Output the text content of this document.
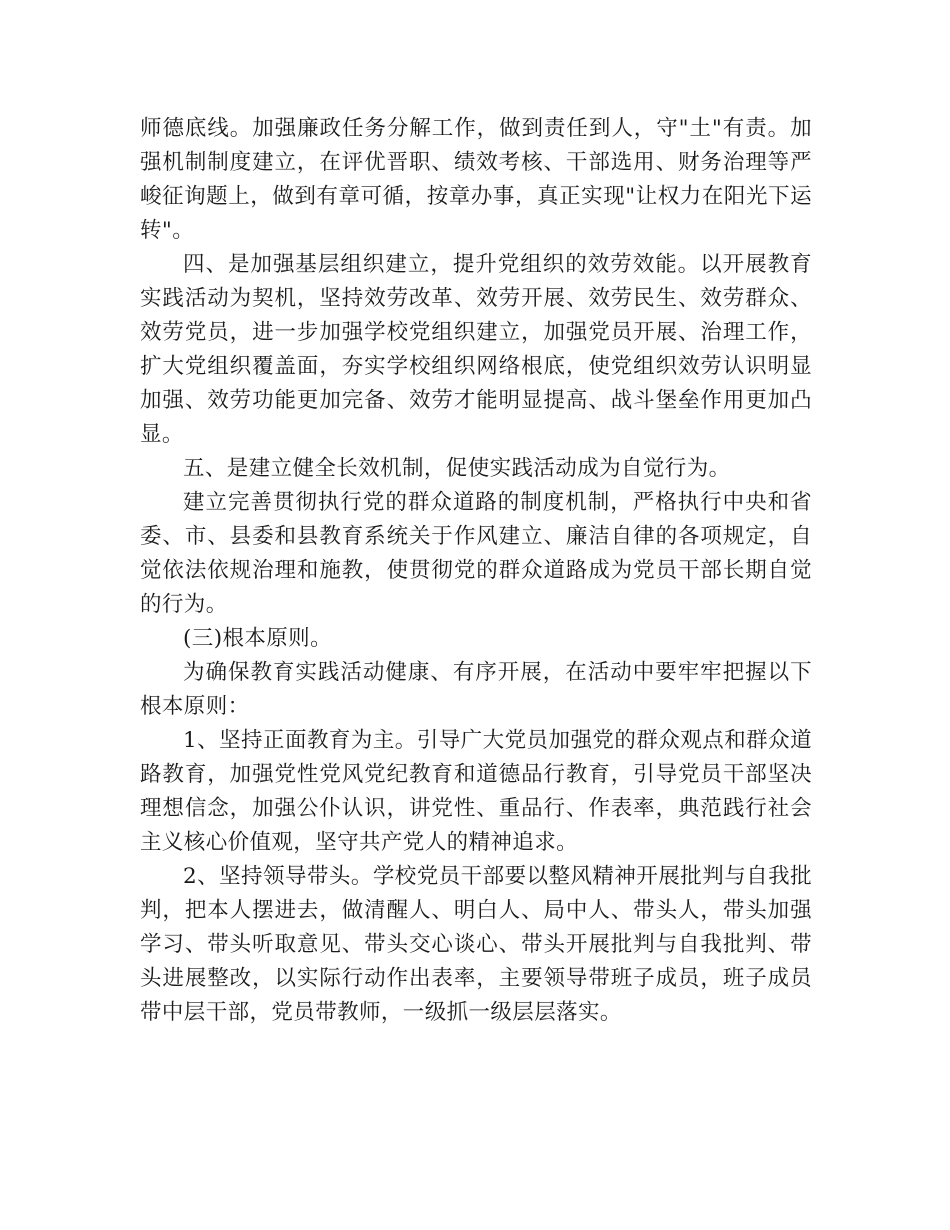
师德底线。加强廉政任务分解工作，做到责任到人，守"土"有责。加强机制制度建立，在评优晋职、绩效考核、干部选用、财务治理等严峻征询题上，做到有章可循，按章办事，真正实现"让权力在阳光下运转"。

四、是加强基层组织建立，提升党组织的效劳效能。以开展教育实践活动为契机，坚持效劳改革、效劳开展、效劳民生、效劳群众、效劳党员，进一步加强学校党组织建立，加强党员开展、治理工作，扩大党组织覆盖面，夯实学校组织网络根底，使党组织效劳认识明显加强、效劳功能更加完备、效劳才能明显提高、战斗堡垒作用更加凸显。

五、是建立健全长效机制，促使实践活动成为自觉行为。

建立完善贯彻执行党的群众道路的制度机制，严格执行中央和省委、市、县委和县教育系统关于作风建立、廉洁自律的各项规定，自觉依法依规治理和施教，使贯彻党的群众道路成为党员干部长期自觉的行为。

(三)根本原则。

为确保教育实践活动健康、有序开展，在活动中要牢牢把握以下根本原则：

1、坚持正面教育为主。引导广大党员加强党的群众观点和群众道路教育，加强党性党风党纪教育和道德品行教育，引导党员干部坚决理想信念，加强公仆认识，讲党性、重品行、作表率，典范践行社会主义核心价值观，坚守共产党人的精神追求。

2、坚持领导带头。学校党员干部要以整风精神开展批判与自我批判，把本人摆进去，做清醒人、明白人、局中人、带头人，带头加强学习、带头听取意见、带头交心谈心、带头开展批判与自我批判、带头进展整改，以实际行动作出表率，主要领导带班子成员，班子成员带中层干部，党员带教师，一级抓一级层层落实。
